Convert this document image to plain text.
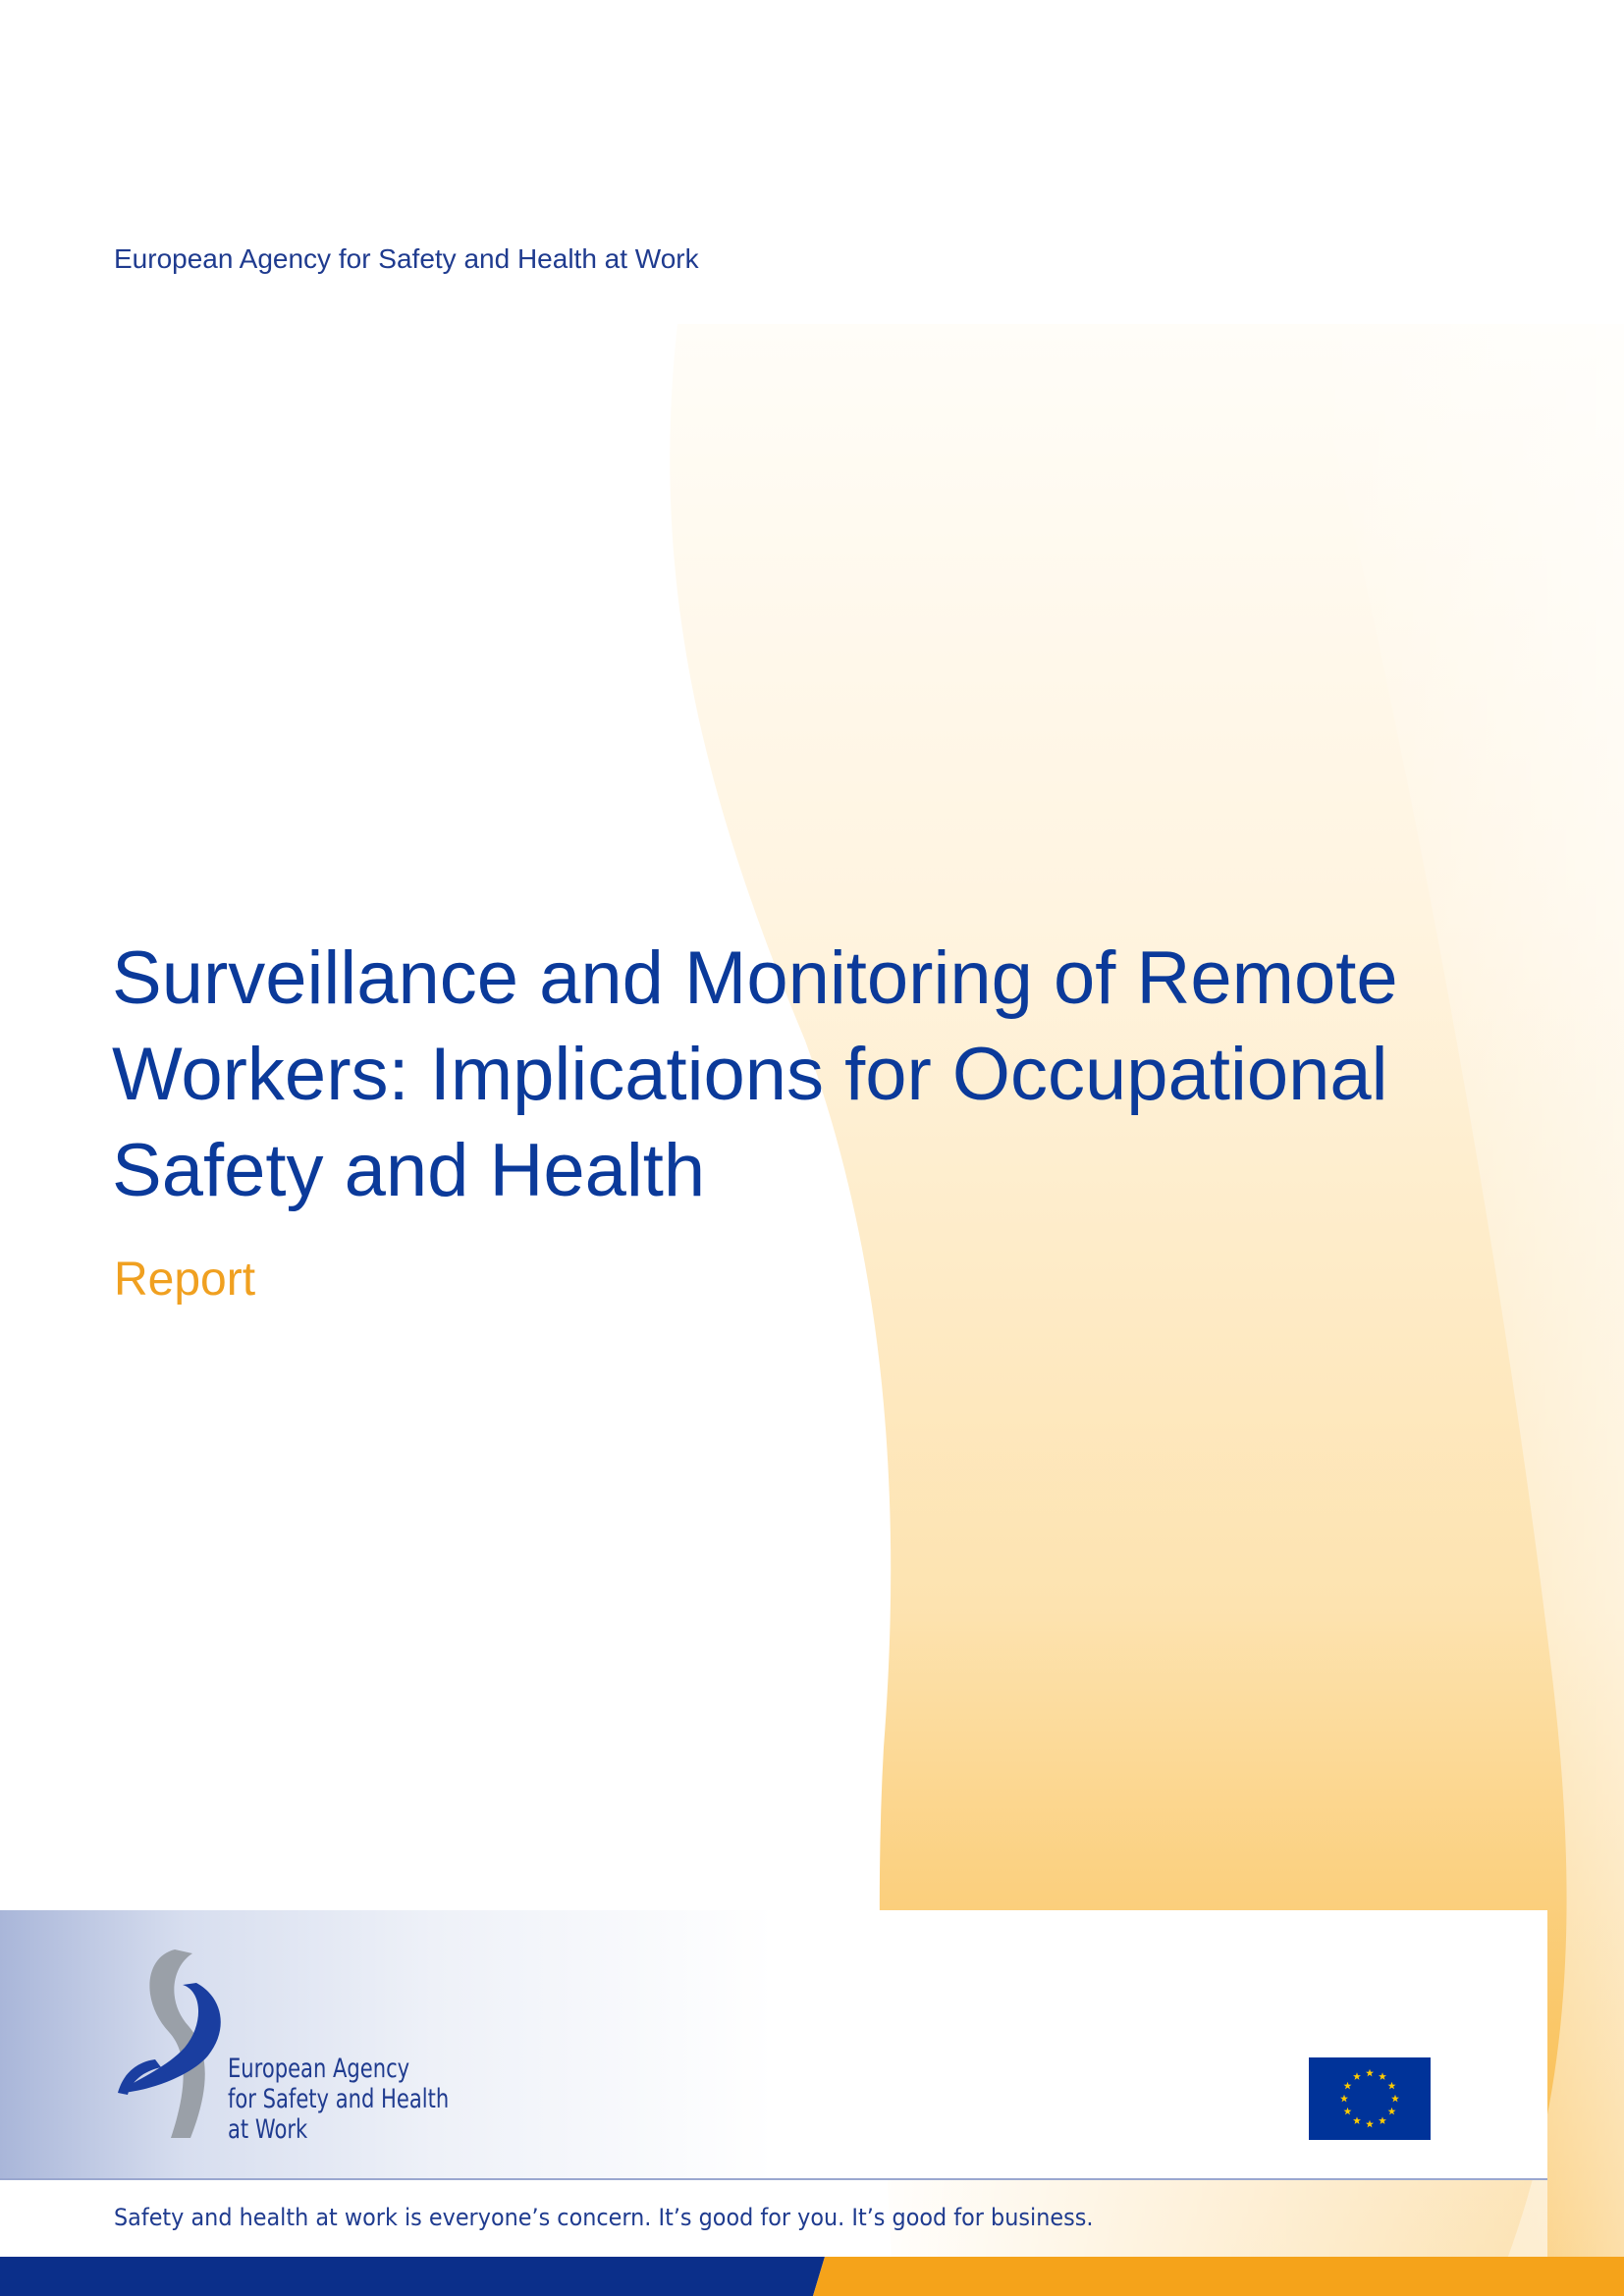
European Agency for Safety and Health at Work
Surveillance and Monitoring of Remote
Workers: Implications for Occupational
Safety and Health
Report
European Agency
for Safety and Health
at Work
Safety and health at work is everyone’s concern. It’s good for you. It’s good for business.
